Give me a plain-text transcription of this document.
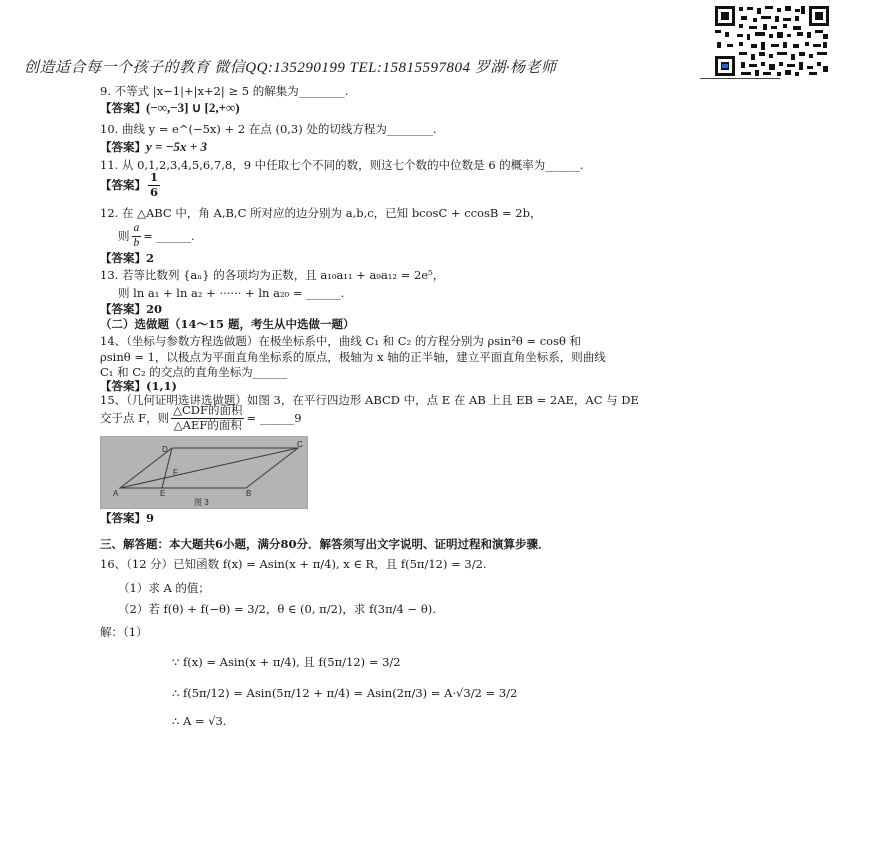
创造适合每一个孩子的教育 微信QQ:135290199 TEL:15815597804 罗湖·杨老师
9. 不等式 |x−1|+|x+2| ≥ 5 的解集为________.
【答案】(−∞,−3] ∪ [2,+∞)
10. 曲线 y = e^(−5x) + 2 在点 (0,3) 处的切线方程为________.
【答案】y = −5x + 3
11. 从 0,1,2,3,4,5,6,7,8，9 中任取七个不同的数，则这七个数的中位数是 6 的概率为______.
【答案】 $\frac{1}{6}$
12. 在 △ABC 中，角 A,B,C 所对应的边分别为 a,b,c，已知 bcosC + ccosB = 2b，
则 $\frac{a}{b}$ = ______.
【答案】2
13. 若等比数列 {aₙ} 的各项均为正数，且 a₁₀a₁₁ + a₉a₁₂ = 2e⁵，
则 ln a₁ + ln a₂ + ······ + ln a₂₀ = ______.
【答案】20
（二）选做题（14～15 题，考生从中选做一题）
14、（坐标与参数方程选做题）在极坐标系中，曲线 C₁ 和 C₂ 的方程分别为 ρsin²θ = cosθ 和
ρsinθ = 1，以极点为平面直角坐标系的原点，极轴为 x 轴的正半轴，建立平面直角坐标系，则曲线
C₁ 和 C₂ 的交点的直角坐标为______
【答案】(1,1)
15、（几何证明选讲选做题）如图 3，在平行四边形 ABCD 中，点 E 在 AB 上且 EB = 2AE，AC 与 DE
交于点 F，则 $\frac{\text{△CDF的面积}}{\text{△AEF的面积}}$ = ______9
A	B
C
D
E
F
图 3
【答案】9
三、解答题：本大题共6小题，满分80分．解答须写出文字说明、证明过程和演算步骤．
16、（12 分）已知函数 f(x) = Asin(x + π/4), x ∈ R，且 f(5π/12) = 3/2.
（1）求 A 的值；
（2）若 f(θ) + f(−θ) = 3/2，θ ∈ (0, π/2)，求 f(3π/4 − θ).
解：（1）
∵ f(x) = Asin(x + π/4), 且 f(5π/12) = 3/2
∴ f(5π/12) = Asin(5π/12 + π/4) = Asin(2π/3) = A·√3/2 = 3/2
∴ A = √3.
